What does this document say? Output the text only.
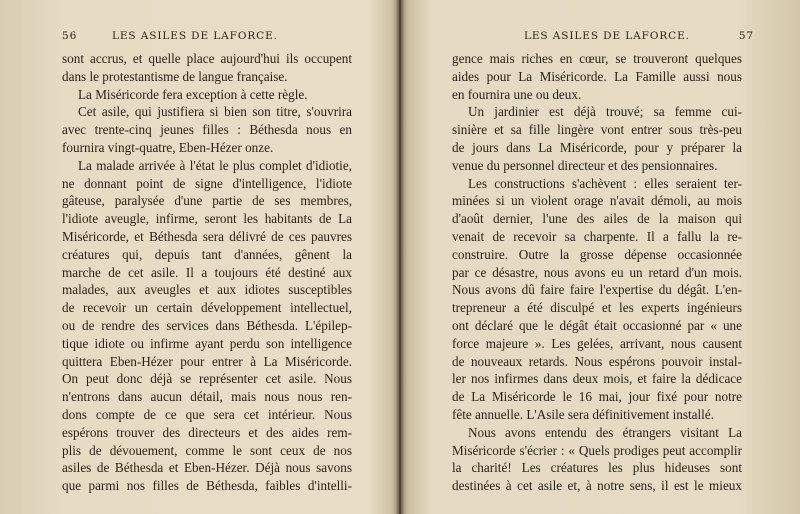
56	LES ASILES DE LAFORCE.
sont accrus, et quelle place aujourd'hui ils occupent
dans le protestantisme de langue française.
La Miséricorde fera exception à cette règle.
Cet asile, qui justifiera si bien son titre, s'ouvrira
avec trente-cinq jeunes filles : Béthesda nous en
fournira vingt-quatre, Eben-Hézer onze.
La malade arrivée à l'état le plus complet d'idiotie,
ne donnant point de signe d'intelligence, l'idiote
gâteuse, paralysée d'une partie de ses membres,
l'idiote aveugle, infirme, seront les habitants de La
Miséricorde, et Béthesda sera délivré de ces pauvres
créatures qui, depuis tant d'années, gênent la
marche de cet asile. Il a toujours été destiné aux
malades, aux aveugles et aux idiotes susceptibles
de recevoir un certain développement intellectuel,
ou de rendre des services dans Béthesda. L'épilep-
tique idiote ou infirme ayant perdu son intelligence
quittera Eben-Hézer pour entrer à La Miséricorde.
On peut donc déjà se représenter cet asile. Nous
n'entrons dans aucun détail, mais nous nous ren-
dons compte de ce que sera cet intérieur. Nous
espérons trouver des directeurs et des aides rem-
plis de dévouement, comme le sont ceux de nos
asiles de Béthesda et Eben-Hézer. Déjà nous savons
que parmi nos filles de Béthesda, faibles d'intelli-
LES ASILES DE LAFORCE.	57
gence mais riches en cœur, se trouveront quelques
aides pour La Miséricorde. La Famille aussi nous
en fournira une ou deux.
Un jardinier est déjà trouvé; sa femme cui-
sinière et sa fille lingère vont entrer sous très-peu
de jours dans La Miséricorde, pour y préparer la
venue du personnel directeur et des pensionnaires.
Les constructions s'achèvent : elles seraient ter-
minées si un violent orage n'avait démoli, au mois
d'août dernier, l'une des ailes de la maison qui
venait de recevoir sa charpente. Il a fallu la re-
construire. Outre la grosse dépense occasionnée
par ce désastre, nous avons eu un retard d'un mois.
Nous avons dû faire faire l'expertise du dégât. L'en-
trepreneur a été disculpé et les experts ingénieurs
ont déclaré que le dégât était occasionné par « une
force majeure ». Les gelées, arrivant, nous causent
de nouveaux retards. Nous espérons pouvoir instal-
ler nos infirmes dans deux mois, et faire la dédicace
de La Miséricorde le 16 mai, jour fixé pour notre
fête annuelle. L'Asile sera définitivement installé.
Nous avons entendu des étrangers visitant La
Miséricorde s'écrier : « Quels prodiges peut accomplir
la charité! Les créatures les plus hideuses sont
destinées à cet asile et, à notre sens, il est le mieux
